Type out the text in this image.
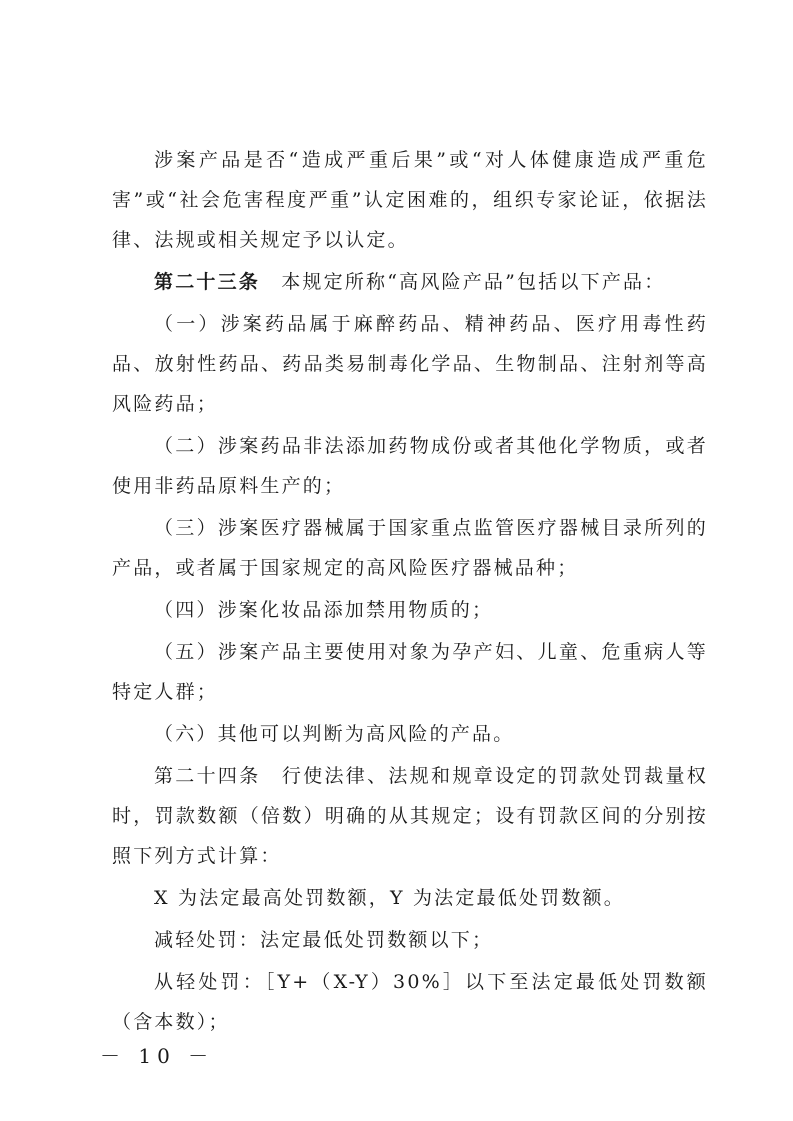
涉案产品是否“造成严重后果”或“对人体健康造成严重危害”或“社会危害程度严重”认定困难的，组织专家论证，依据法律、法规或相关规定予以认定。

第二十三条　本规定所称“高风险产品”包括以下产品：

（一）涉案药品属于麻醉药品、精神药品、医疗用毒性药品、放射性药品、药品类易制毒化学品、生物制品、注射剂等高风险药品；

（二）涉案药品非法添加药物成份或者其他化学物质，或者使用非药品原料生产的；

（三）涉案医疗器械属于国家重点监管医疗器械目录所列的产品，或者属于国家规定的高风险医疗器械品种；

（四）涉案化妆品添加禁用物质的；

（五）涉案产品主要使用对象为孕产妇、儿童、危重病人等特定人群；

（六）其他可以判断为高风险的产品。

第二十四条　行使法律、法规和规章设定的罚款处罚裁量权时，罚款数额（倍数）明确的从其规定；设有罚款区间的分别按照下列方式计算：

X 为法定最高处罚数额，Y 为法定最低处罚数额。

减轻处罚：法定最低处罚数额以下；

从轻处罚：［Y+（X-Y）30%］以下至法定最低处罚数额（含本数）；

－ 10 －
